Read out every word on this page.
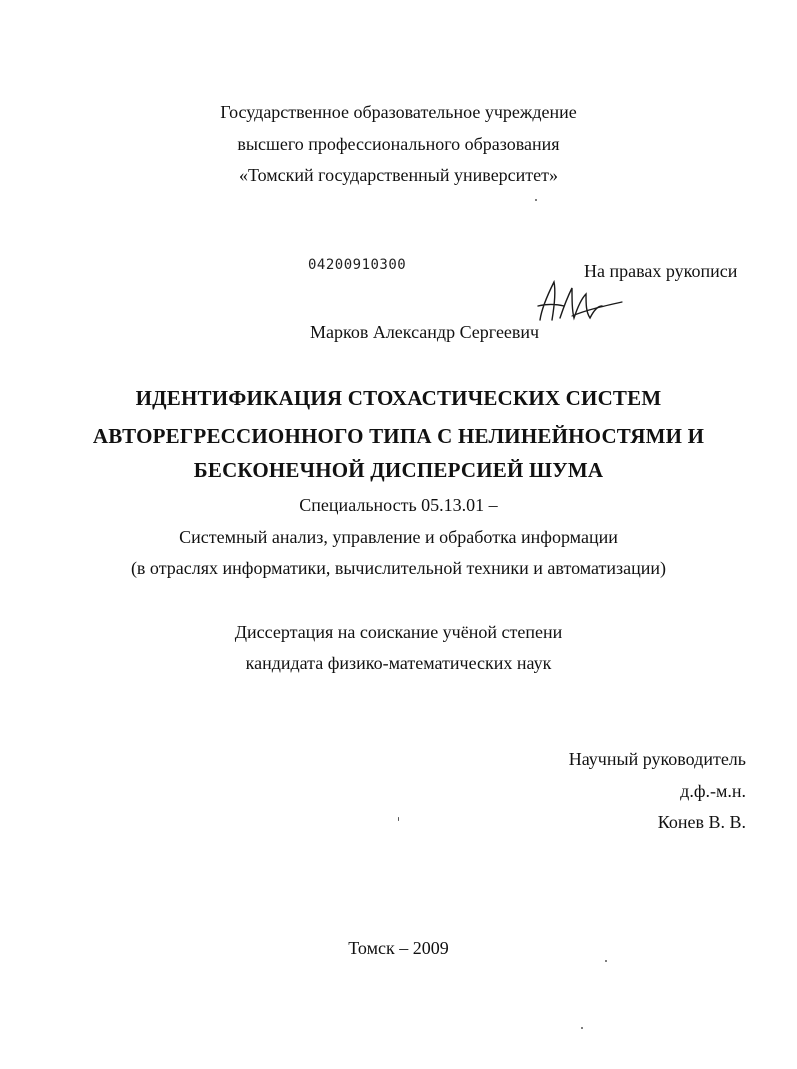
Государственное образовательное учреждение
высшего профессионального образования
«Томский государственный университет»
04200910300	На правах рукописи
Марков Александр Сергеевич
ИДЕНТИФИКАЦИЯ СТОХАСТИЧЕСКИХ СИСТЕМ
АВТОРЕГРЕССИОННОГО ТИПА С НЕЛИНЕЙНОСТЯМИ И
БЕСКОНЕЧНОЙ ДИСПЕРСИЕЙ ШУМА
Специальность 05.13.01 –
Системный анализ, управление и обработка информации
(в отраслях информатики, вычислительной техники и автоматизации)
Диссертация на соискание учёной степени
кандидата физико-математических наук
Научный руководитель
д.ф.-м.н.
Конев В. В.
Томск – 2009
